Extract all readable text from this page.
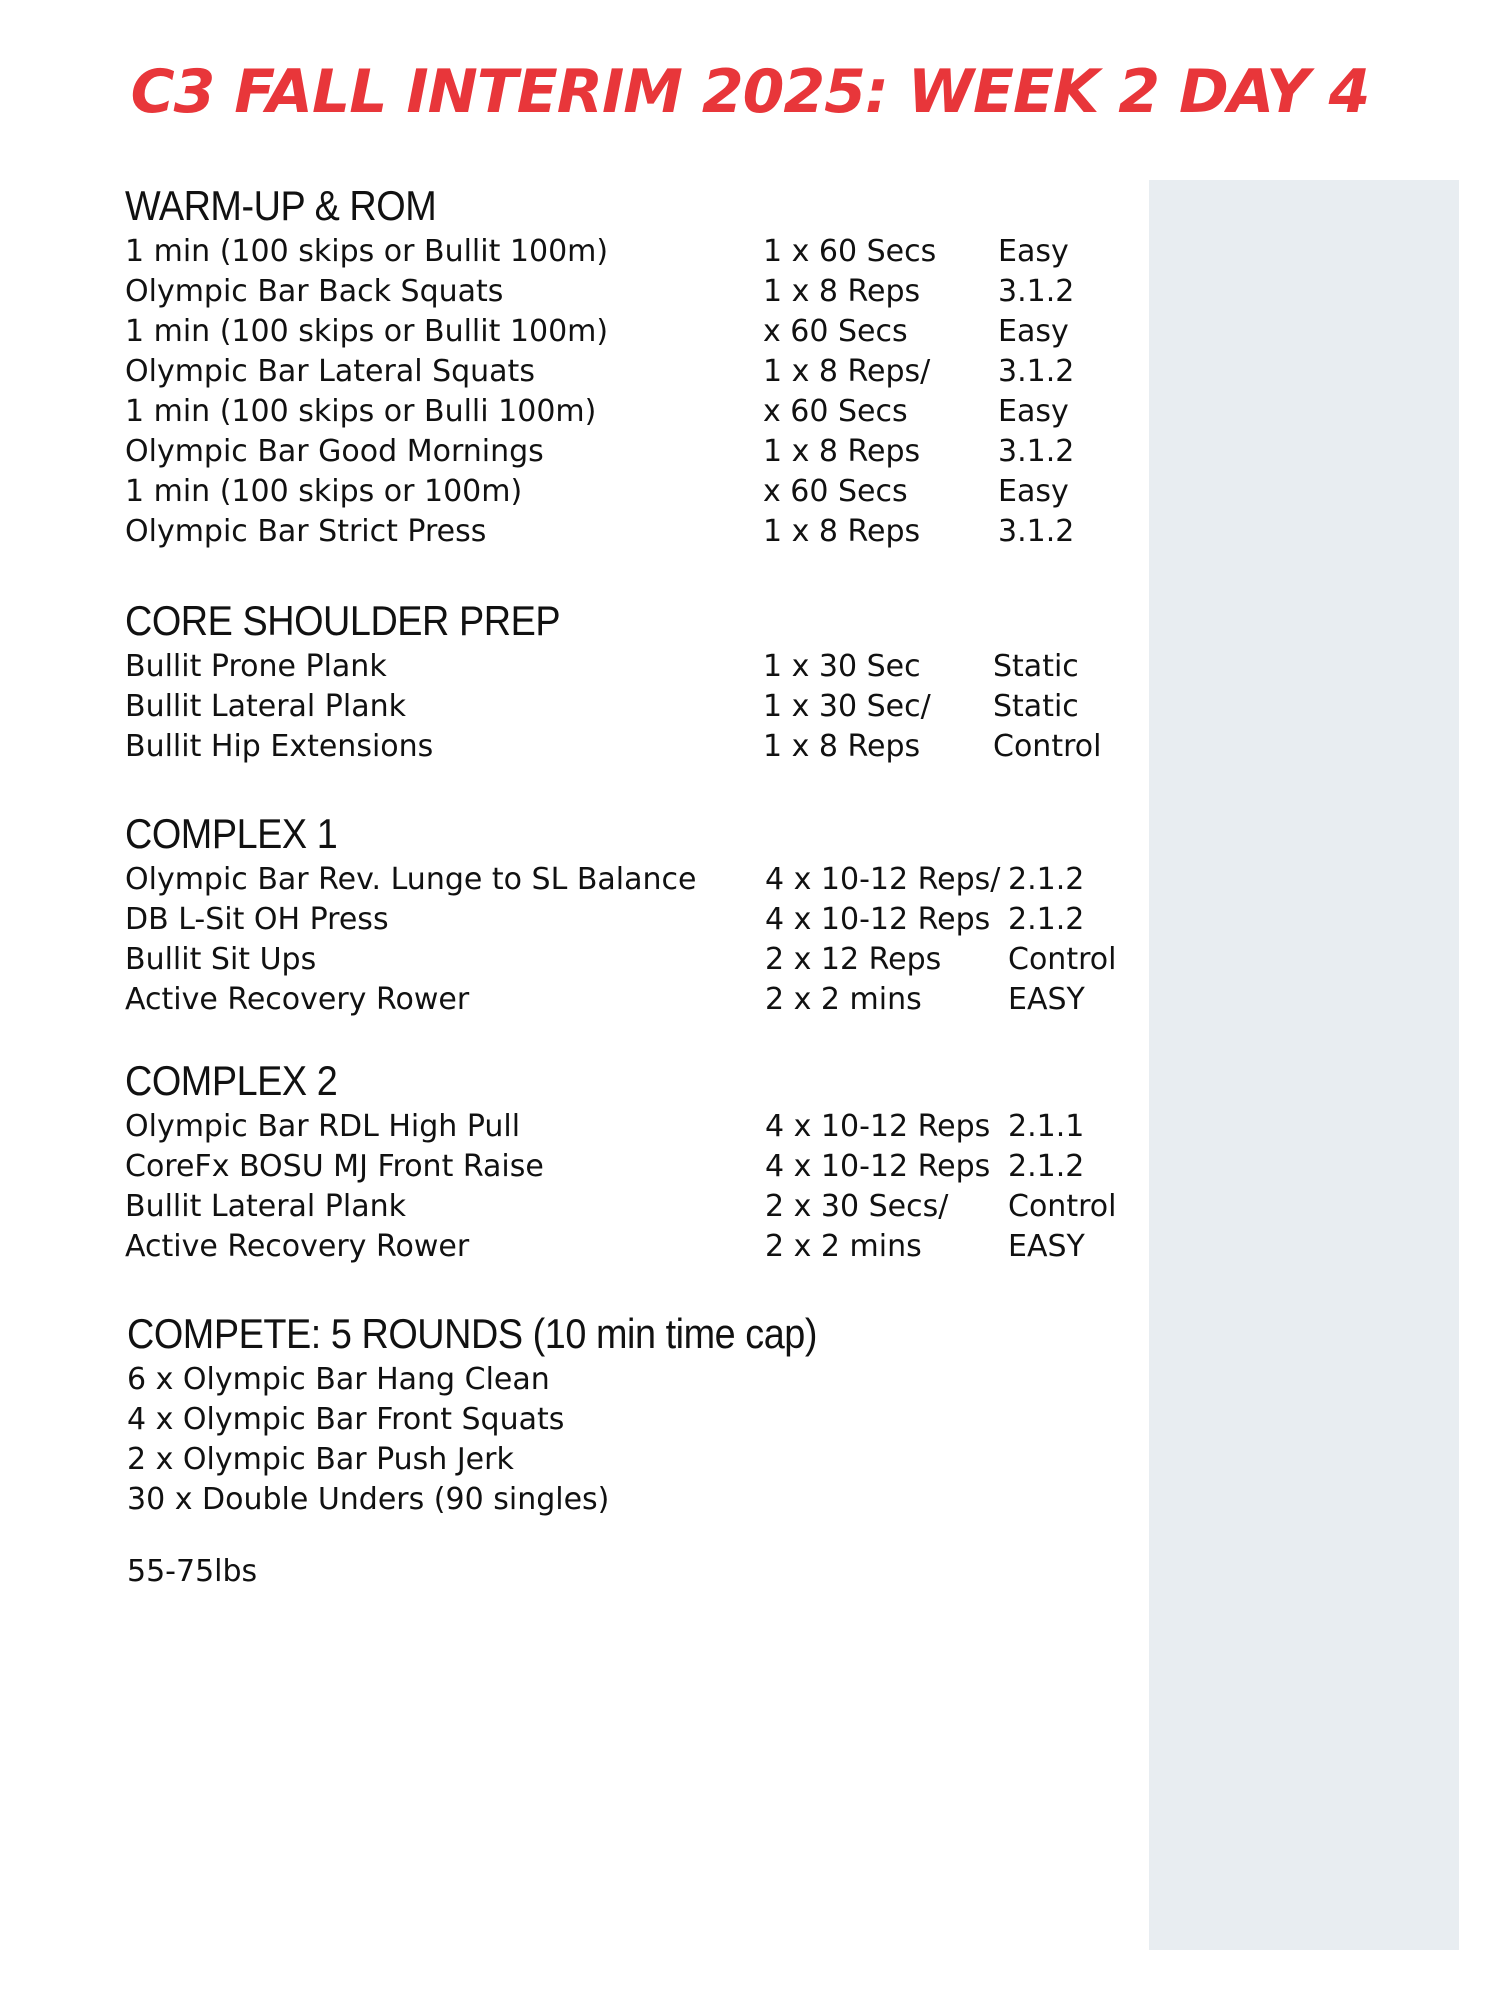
C3 FALL INTERIM 2025: WEEK 2 DAY 4
WARM-UP & ROM
1 min (100 skips or Bullit 100m)	1 x 60 Secs Easy
Olympic Bar Back Squats	1 x 8 Reps	3.1.2
1 min (100 skips or Bullit 100m)	x 60 Secs	Easy
Olympic Bar Lateral Squats	1 x 8 Reps/ 3.1.2
1 min (100 skips or Bulli 100m)	x 60 Secs	Easy
Olympic Bar Good Mornings	1 x 8 Reps	3.1.2
1 min (100 skips or 100m)	x 60 Secs	Easy
Olympic Bar Strict Press	1 x 8 Reps	3.1.2
CORE SHOULDER PREP
Bullit Prone Plank	1 x 30 Sec Static
Bullit Lateral Plank	1 x 30 Sec/ Static
Bullit Hip Extensions	1 x 8 Reps Control
COMPLEX 1
Olympic Bar Rev. Lunge to SL Balance 4 x 10-12 Reps/ 2.1.2
DB L-Sit OH Press	4 x 10-12 Reps 2.1.2
Bullit Sit Ups	2 x 12 Reps Control
Active Recovery Rower	2 x 2 mins	EASY
COMPLEX 2
Olympic Bar RDL High Pull	4 x 10-12 Reps 2.1.1
CoreFx BOSU MJ Front Raise	4 x 10-12 Reps 2.1.2
Bullit Lateral Plank	2 x 30 Secs/ Control
Active Recovery Rower	2 x 2 mins	EASY
COMPETE: 5 ROUNDS (10 min time cap)
6 x Olympic Bar Hang Clean
4 x Olympic Bar Front Squats
2 x Olympic Bar Push Jerk
30 x Double Unders (90 singles)
55-75lbs
